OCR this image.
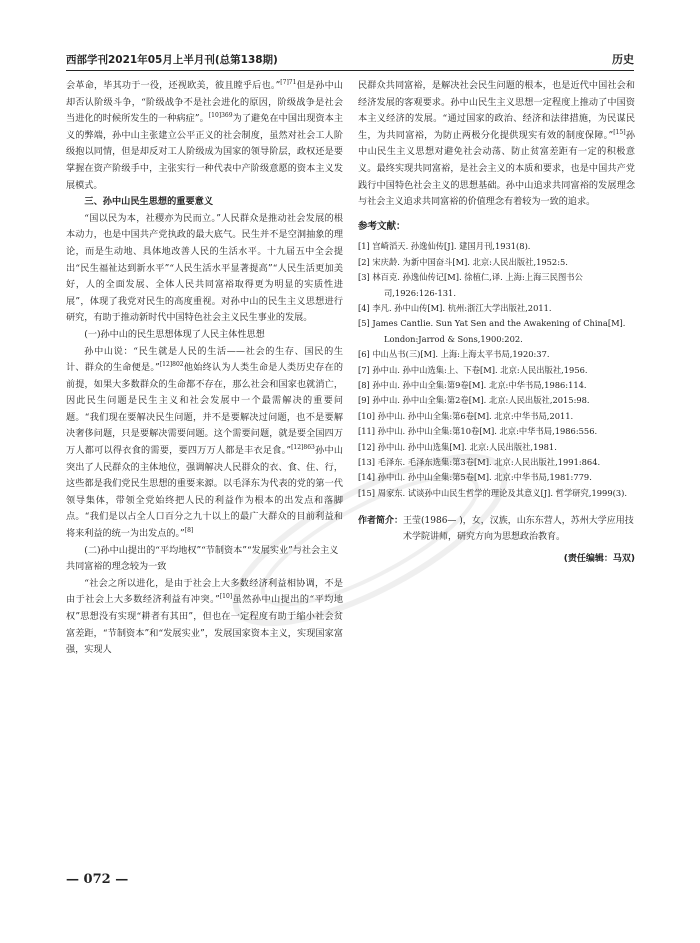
西部学刊2021年05月上半月刊(总第138期)	历史

会革命，毕其功于一役，还视欧美，彼且瞠乎后也。”$^{[7]71}$但是孙中山却否认阶级斗争，“阶级战争不是社会进化的原因，阶级战争是社会当进化的时候所发生的一种病症”。$^{[10]369}$为了避免在中国出现资本主义的弊端，孙中山主张建立公平正义的社会制度，虽然对社会工人阶级抱以同情，但是却反对工人阶级成为国家的领导阶层，政权还是要掌握在资产阶级手中，主张实行一种代表中产阶级意愿的资本主义发展模式。

三、孙中山民生思想的重要意义

“国以民为本，社稷亦为民而立。”人民群众是推动社会发展的根本动力，也是中国共产党执政的最大底气。民生并不是空洞抽象的理论，而是生动地、具体地改善人民的生活水平。十九届五中全会提出“民生福祉达到新水平”“人民生活水平显著提高”“人民生活更加美好，人的全面发展、全体人民共同富裕取得更为明显的实质性进展”，体现了我党对民生的高度重视。对孙中山的民生主义思想进行研究，有助于推动新时代中国特色社会主义民生事业的发展。

(一)孙中山的民生思想体现了人民主体性思想

孙中山说：“民生就是人民的生活——社会的生存、国民的生计、群众的生命便是。”$^{[12]802}$他始终认为人类生命是人类历史存在的前提，如果大多数群众的生命都不存在，那么社会和国家也就消亡，因此民生问题是民生主义和社会发展中一个最需解决的重要问题。“我们现在要解决民生问题，并不是要解决过问题，也不是要解决奢侈问题，只是要解决需要问题。这个需要问题，就是要全国四万万人都可以得衣食的需要，要四万万人都是丰衣足食。”$^{[12]863}$孙中山突出了人民群众的主体地位，强调解决人民群众的衣、食、住、行，这些都是我们党民生思想的重要来源。以毛泽东为代表的党的第一代领导集体，带领全党始终把人民的利益作为根本的出发点和落脚点。“我们是以占全人口百分之九十以上的最广大群众的目前利益和将来利益的统一为出发点的。”[8]

(二)孙中山提出的“平均地权”“节制资本”“发展实业”与社会主义共同富裕的理念较为一致

“社会之所以进化，是由于社会上大多数经济利益相协调，不是由于社会上大多数经济利益有冲突。”[10]虽然孙中山提出的“平均地权”思想没有实现“耕者有其田”，但也在一定程度有助于缩小社会贫富差距，“节制资本”和“发展实业”，发展国家资本主义，实现国家富强，实现人

民群众共同富裕，是解决社会民生问题的根本，也是近代中国社会和经济发展的客观要求。孙中山民生主义思想一定程度上推动了中国资本主义经济的发展。“通过国家的政治、经济和法律措施，为民谋民生，为共同富裕，为防止两极分化提供现实有效的制度保障。”[15]孙中山民生主义思想对避免社会动荡、防止贫富差距有一定的积极意义。最终实现共同富裕，是社会主义的本质和要求，也是中国共产党践行中国特色社会主义的思想基础。孙中山追求共同富裕的发展理念与社会主义追求共同富裕的价值理念有着较为一致的追求。

参考文献：
[1] 宫崎滔天. 孙逸仙传[J]. 建国月刊,1931(8).
[2] 宋庆龄. 为新中国奋斗[M]. 北京:人民出版社,1952:5.
[3] 林百克. 孙逸仙传记[M]. 徐植仁,译. 上海:上海三民图书公司,1926:126-131.
[4] 李凡. 孙中山传[M]. 杭州:浙江大学出版社,2011.
[5] James Cantlie. Sun Yat Sen and the Awakening of China[M]. London:Jarrod & Sons,1900:202.
[6] 中山丛书(三)[M]. 上海:上海太平书局,1920:37.
[7] 孙中山. 孙中山选集:上、下卷[M]. 北京:人民出版社,1956.
[8] 孙中山. 孙中山全集:第9卷[M]. 北京:中华书局,1986:114.
[9] 孙中山. 孙中山全集:第2卷[M]. 北京:人民出版社,2015:98.
[10] 孙中山. 孙中山全集:第6卷[M]. 北京:中华书局,2011.
[11] 孙中山. 孙中山全集:第10卷[M]. 北京:中华书局,1986:556.
[12] 孙中山. 孙中山选集[M]. 北京:人民出版社,1981.
[13] 毛泽东. 毛泽东选集:第3卷[M]. 北京:人民出版社,1991:864.
[14] 孙中山. 孙中山全集:第5卷[M]. 北京:中华书局,1981:779.
[15] 周家东. 试谈孙中山民生哲学的理论及其意义[J]. 哲学研究,1999(3).
作者简介： 王莹(1986— )，女，汉族，山东东营人，苏州大学应用技术学院讲师，研究方向为思想政治教育。
(责任编辑：马双)
— 072 —
